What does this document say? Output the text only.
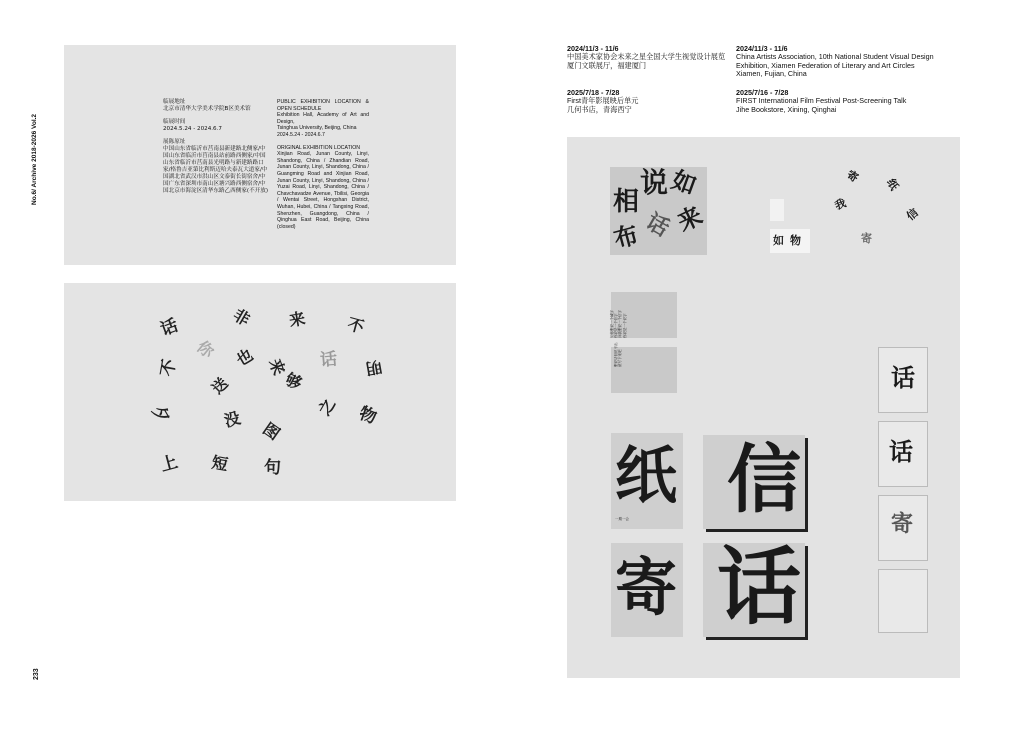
No.6/ Archive 2018-2026 Vol.2
233
临展地址
北京市清华大学美术学院B区美术馆
临展时间
2024.5.24 - 2024.6.7
展陈原址
中国山东省临沂市莒南县新建路北侧家/中国山东省临沂市莒南县站前路西侧家/中国山东省临沂市莒南县光明路与新建路路口家/格鲁吉亚第比利斯迈哈夫泰瓦大道家/中国湖北省武汉市洪山区文泰街长街宿舍/中国广东省深圳市南山区塘兴路西侧宿舍/中国北京市海淀区清华东路乙西侧家(不开放)
PUBLIC EXHIBITION LOCATION & OPEN SCHEDULE
Exhibition Hall, Academy of Art and Design,
Tsinghua University, Beijing, China
2024.5.24 - 2024.6.7
ORIGINAL EXHIBITION LOCATION
Xinjian Road, Junan County, Linyi, Shandong, China / Zhandian Road, Junan County, Linyi, Shandong, China / Guangming Road and Xinjian Road, Junan County, Linyi, Shandong, China / Yuzai Road, Linyi, Shandong, China / Chavchavadze Avenue, Tbilisi, Georgia / Wentai Street, Hongshan District, Wuhan, Hubei, China / Tangxing Road, Shenzhen, Guangdong, China / Qinghua East Road, Beijing, China (closed)
话	非 来 不
你
不	也 来 话 明
送	够
夕	没 图
之 物
上 短 句
2024/11/3 - 11/6
中国美术家协会未来之星全国大学生视觉设计展览
厦门文联展厅，福建厦门
2024/11/3 - 11/6
China Artists Association, 10th National Student Visual Design
Exhibition, Xiamen Federation of Literary and Art Circles
Xiamen, Fujian, China
2025/7/18 - 7/28
First青年影展映后单元
几何书店，青海西宁
2025/7/16 - 7/28
FIRST International Film Festival Post-Screening Talk
Jihe Bookstore, Xining, Qinghai
相
说 如
布 话 来
如 物
寄
我
纸
信
寄
知你想说一个城字
你说是一个信字
问我想说一个信字
你说是一个说字
想说话但说不出
就写下来吧
纸
一期一会 信
寄 话
话
话
寄
